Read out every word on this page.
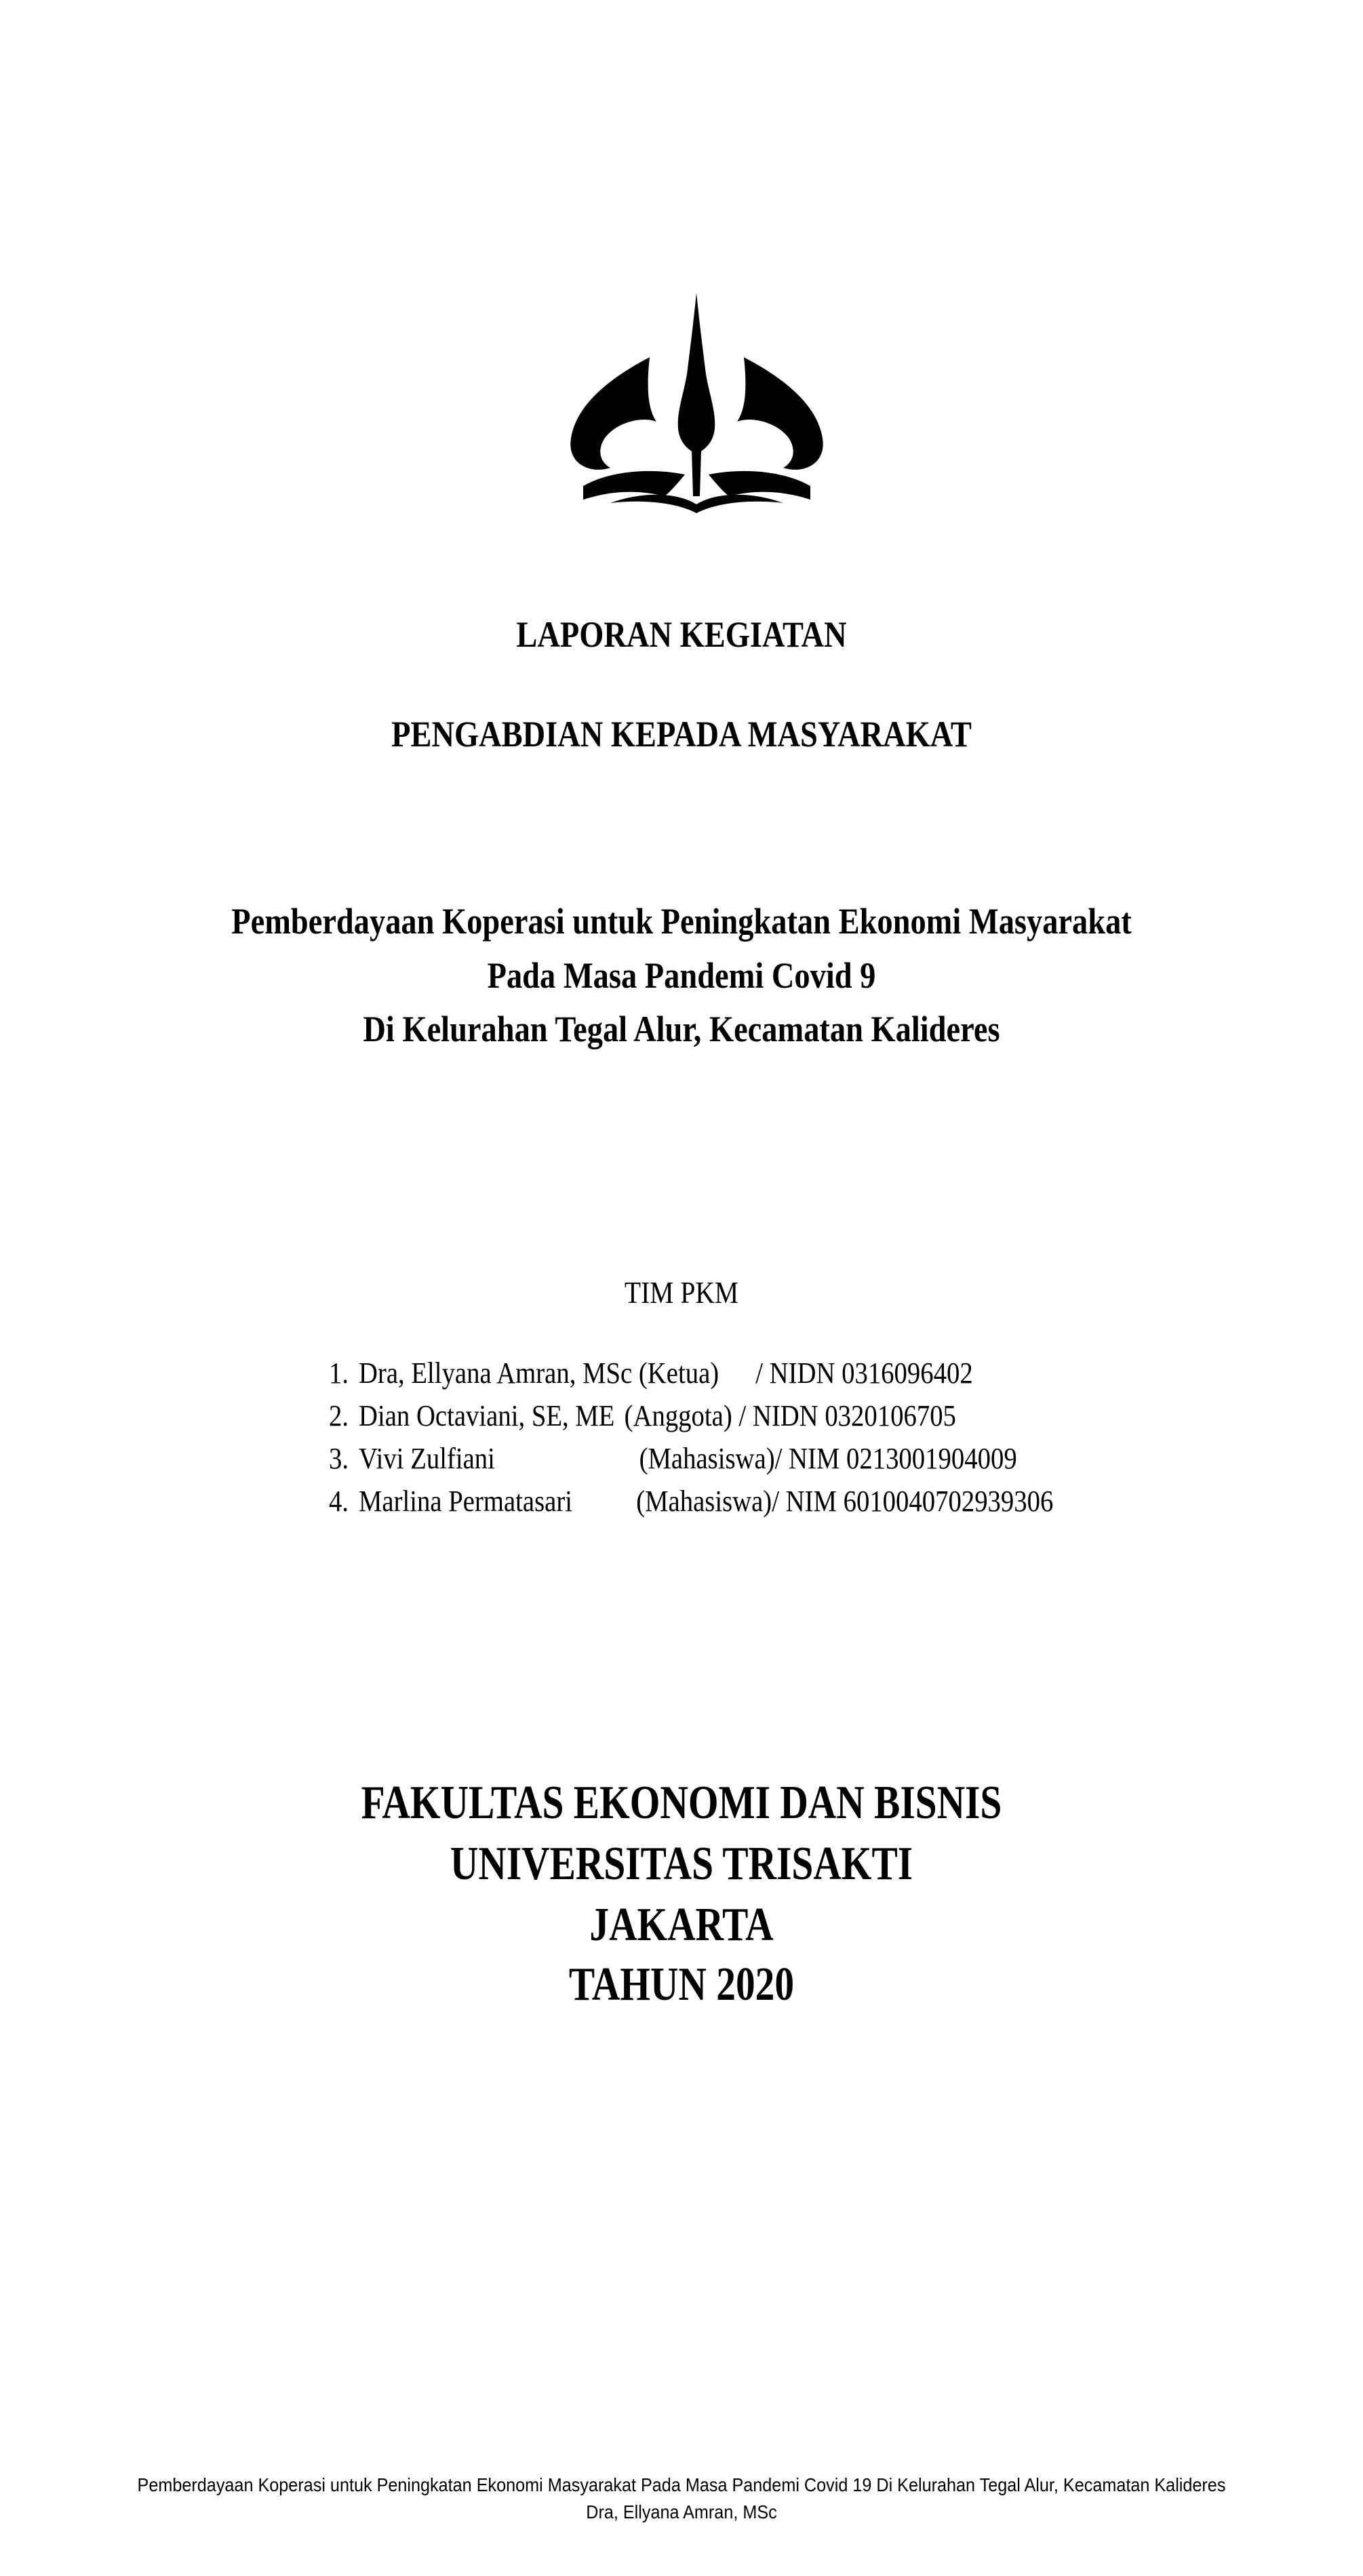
LAPORAN KEGIATAN
PENGABDIAN KEPADA MASYARAKAT
Pemberdayaan Koperasi untuk Peningkatan Ekonomi Masyarakat
Pada Masa Pandemi Covid 9
Di Kelurahan Tegal Alur, Kecamatan Kalideres
TIM PKM
1. Dra, Ellyana Amran, MSc (Ketua) / NIDN 0316096402
2. Dian Octaviani, SE, ME (Anggota) / NIDN 0320106705
3. Vivi Zulfiani	(Mahasiswa)/ NIM 0213001904009
4. Marlina Permatasari (Mahasiswa)/ NIM 6010040702939306
FAKULTAS EKONOMI DAN BISNIS
UNIVERSITAS TRISAKTI
JAKARTA
TAHUN 2020
Pemberdayaan Koperasi untuk Peningkatan Ekonomi Masyarakat Pada Masa Pandemi Covid 19 Di Kelurahan Tegal Alur, Kecamatan Kalideres
Dra, Ellyana Amran, MSc
